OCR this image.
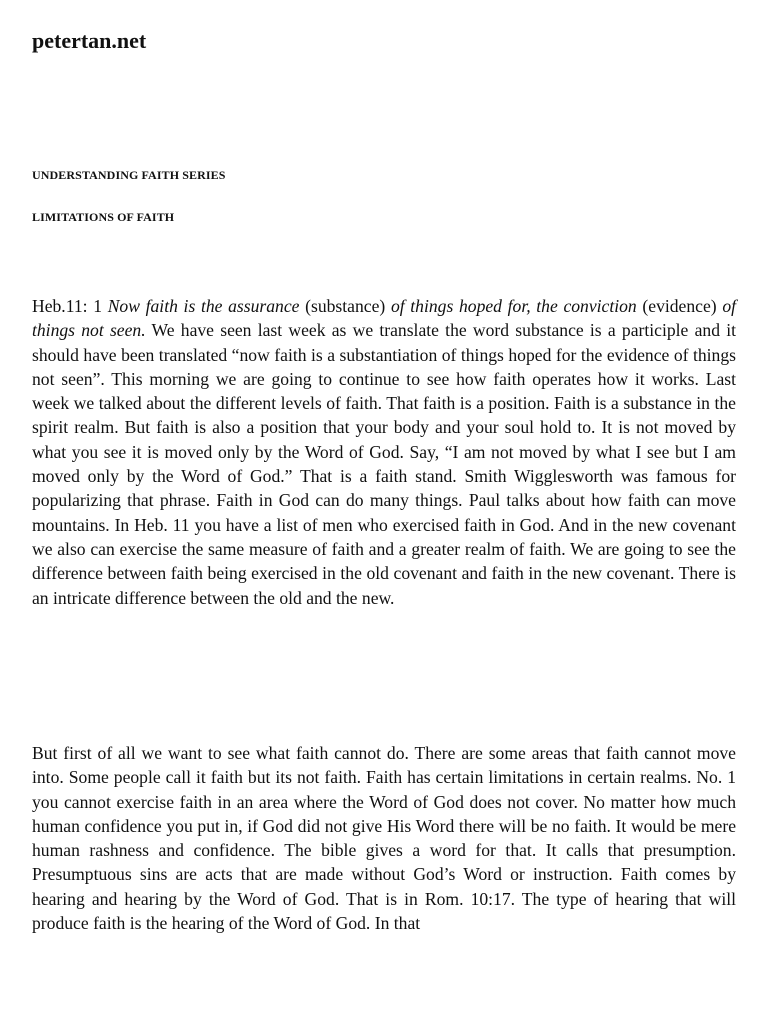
petertan.net

UNDERSTANDING FAITH SERIES

LIMITATIONS OF FAITH

Heb.11: 1 Now faith is the assurance (substance) of things hoped for, the conviction (evidence) of things not seen. We have seen last week as we translate the word substance is a participle and it should have been translated “now faith is a substantiation of things hoped for the evidence of things not seen”. This morning we are going to continue to see how faith operates how it works. Last week we talked about the different levels of faith. That faith is a position. Faith is a substance in the spirit realm. But faith is also a position that your body and your soul hold to. It is not moved by what you see it is moved only by the Word of God. Say, “I am not moved by what I see but I am moved only by the Word of God.” That is a faith stand. Smith Wigglesworth was famous for popularizing that phrase. Faith in God can do many things. Paul talks about how faith can move mountains. In Heb. 11 you have a list of men who exercised faith in God. And in the new covenant we also can exercise the same measure of faith and a greater realm of faith. We are going to see the difference between faith being exercised in the old covenant and faith in the new covenant. There is an intricate difference between the old and the new.

But first of all we want to see what faith cannot do. There are some areas that faith cannot move into. Some people call it faith but its not faith. Faith has certain limitations in certain realms. No. 1 you cannot exercise faith in an area where the Word of God does not cover. No matter how much human confidence you put in, if God did not give His Word there will be no faith. It would be mere human rashness and confidence. The bible gives a word for that. It calls that presumption. Presumptuous sins are acts that are made without God’s Word or instruction. Faith comes by hearing and hearing by the Word of God. That is in Rom. 10:17. The type of hearing that will produce faith is the hearing of the Word of God. In that
